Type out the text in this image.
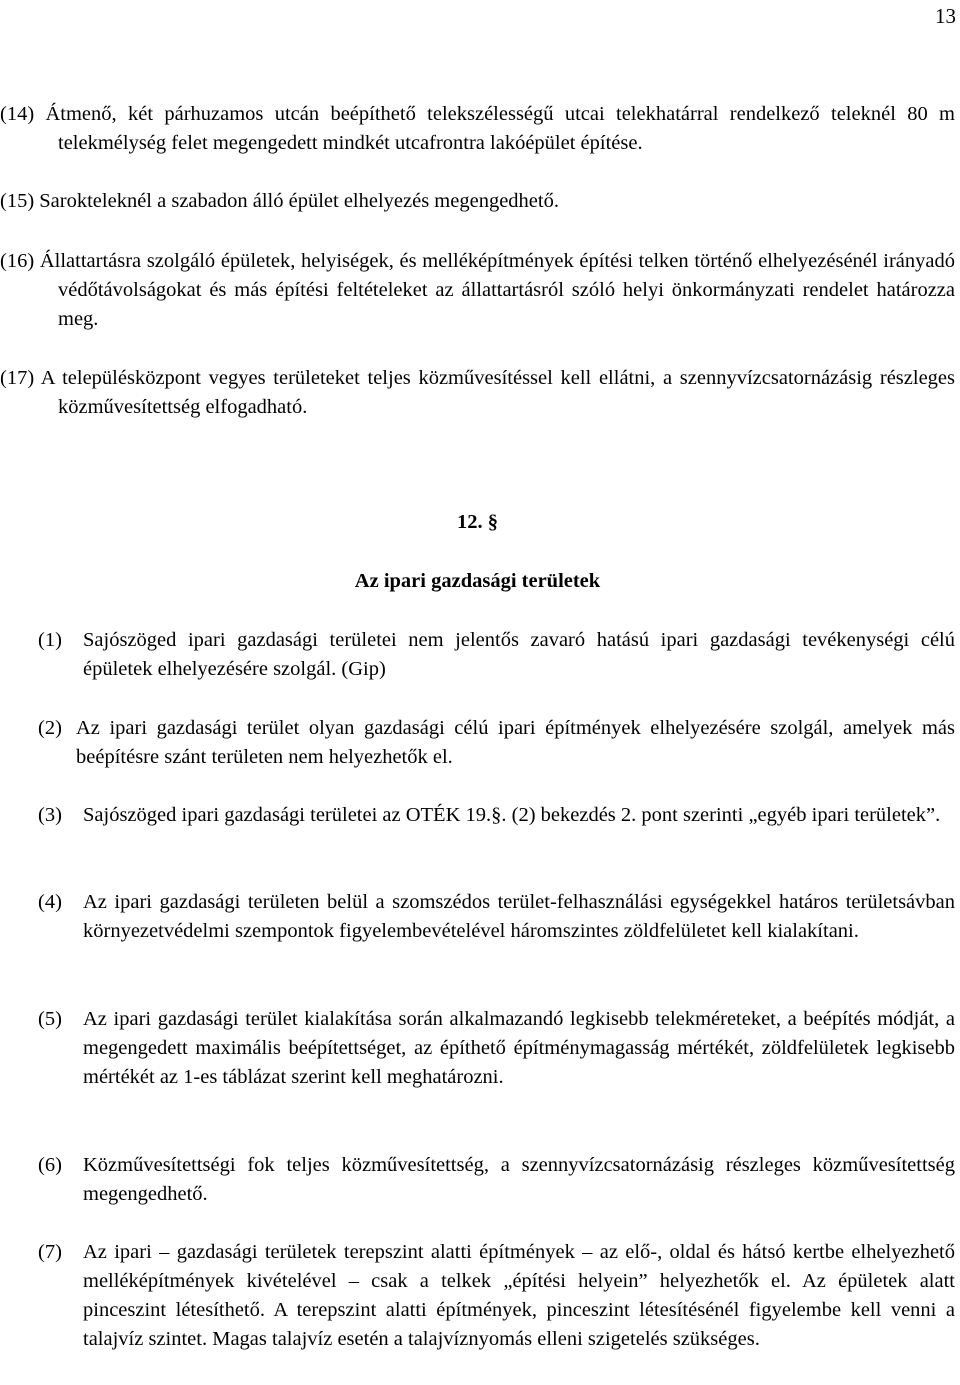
13
(14) Átmenő, két párhuzamos utcán beépíthető telekszélességű utcai telekhatárral rendelkező teleknél 80 m telekmélység felet megengedett mindkét utcafrontra lakóépület építése.
(15) Sarokteleknél a szabadon álló épület elhelyezés megengedhető.
(16) Állattartásra szolgáló épületek, helyiségek, és melléképítmények építési telken történő elhelyezésénél irányadó védőtávolságokat és más építési feltételeket az állattartásról szóló helyi önkormányzati rendelet határozza meg.
(17) A településközpont vegyes területeket teljes közművesítéssel kell ellátni, a szennyvízcsatornázásig részleges közművesítettség elfogadható.
12. §
Az ipari gazdasági területek
(1)	Sajószöged ipari gazdasági területei nem jelentős zavaró hatású ipari gazdasági tevékenységi célú épületek elhelyezésére szolgál. (Gip)
(2) Az ipari gazdasági terület olyan gazdasági célú ipari építmények elhelyezésére szolgál, amelyek más beépítésre szánt területen nem helyezhetők el.
(3)	Sajószöged ipari gazdasági területei az OTÉK 19.§. (2) bekezdés 2. pont szerinti „egyéb ipari területek”.
(4)	Az ipari gazdasági területen belül a szomszédos terület-felhasználási egységekkel határos területsávban környezetvédelmi szempontok figyelembevételével háromszintes zöldfelületet kell kialakítani.
(5)	Az ipari gazdasági terület kialakítása során alkalmazandó legkisebb telekméreteket, a beépítés módját, a megengedett maximális beépítettséget, az építhető építménymagasság mértékét, zöldfelületek legkisebb mértékét az 1-es táblázat szerint kell meghatározni.
(6)	Közművesítettségi fok teljes közművesítettség, a szennyvízcsatornázásig részleges közművesítettség megengedhető.
(7)	Az ipari – gazdasági területek terepszint alatti építmények – az elő-, oldal és hátsó kertbe elhelyezhető melléképítmények kivételével – csak a telkek „építési helyein” helyezhetők el. Az épületek alatt pinceszint létesíthető. A terepszint alatti építmények, pinceszint létesítésénél figyelembe kell venni a talajvíz szintet. Magas talajvíz esetén a talajvíznyomás elleni szigetelés szükséges.
